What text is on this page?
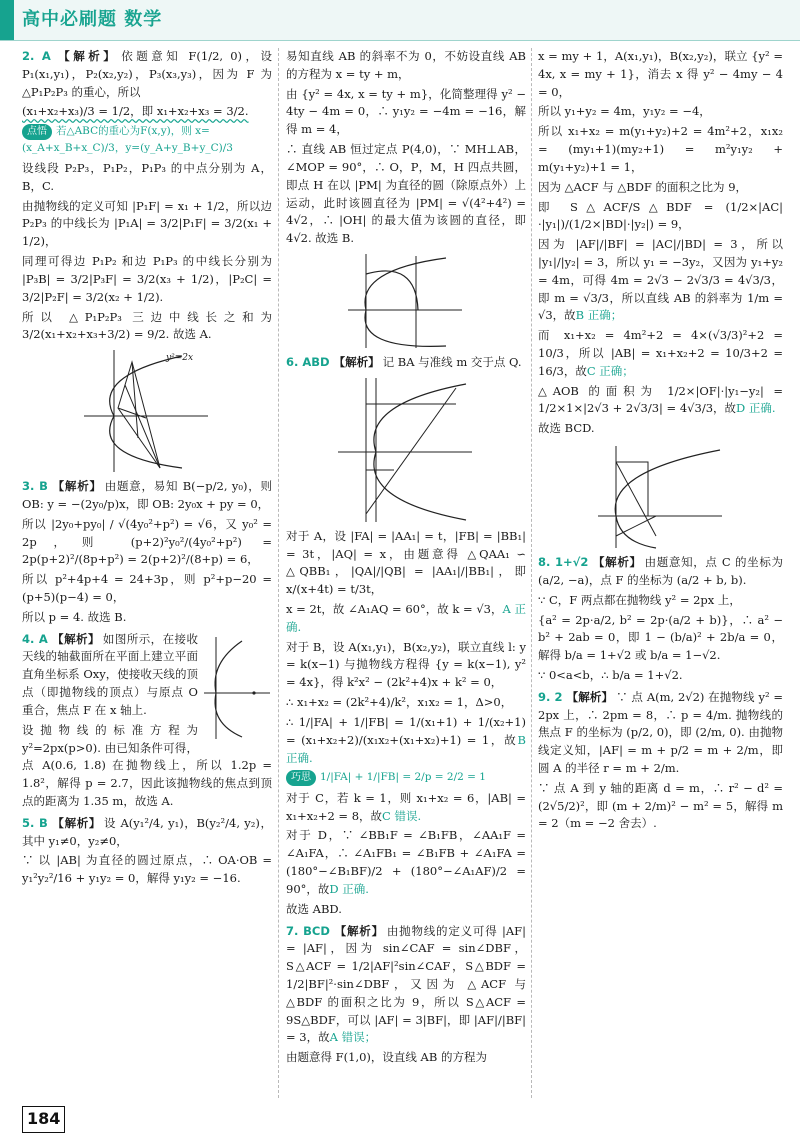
高中必刷题 数学

2. A 【解析】 依题意知 F(1/2, 0)，设 P₁(x₁,y₁)，P₂(x₂,y₂)，P₃(x₃,y₃)，因为 F 为 △P₁P₂P₃ 的重心，所以

(x₁+x₂+x₃)/3 = 1/2，即 x₁+x₂+x₃ = 3/2.

点悟 若△ABC的重心为F(x,y)，则 x=(x_A+x_B+x_C)/3，y=(y_A+y_B+y_C)/3

设线段 P₂P₃，P₁P₂，P₁P₃ 的中点分别为 A，B，C.

由抛物线的定义可知 |P₁F| = x₁ + 1/2，所以边 P₂P₃ 的中线长为 |P₁A| = 3/2|P₁F| = 3/2(x₁ + 1/2)，

同理可得边 P₁P₂ 和边 P₁P₃ 的中线长分别为 |P₃B| = 3/2|P₃F| = 3/2(x₃ + 1/2)，|P₂C| = 3/2|P₂F| = 3/2(x₂ + 1/2).

所以 △P₁P₂P₃ 三边中线长之和为 3/2(x₁+x₂+x₃+3/2) = 9/2. 故选 A.

y²=2x

3. B 【解析】 由题意，易知 B(−p/2, y₀)，则 OB: y = −(2y₀/p)x，即 OB: 2y₀x + py = 0，

所以 |2y₀+py₀| / √(4y₀²+p²) = √6，又 y₀² = 2p，则 (p+2)²y₀²/(4y₀²+p²) = 2p(p+2)²/(8p+p²) = 2(p+2)²/(8+p) = 6，

所以 p²+4p+4 = 24+3p，则 p²+p−20 = (p+5)(p−4) = 0，

所以 p = 4. 故选 B.

4. A 【解析】 如图所示，在接收天线的轴截面所在平面上建立平面直角坐标系 Oxy，使接收天线的顶点（即抛物线的顶点）与原点 O 重合，焦点 F 在 x 轴上.

设抛物线的标准方程为 y²=2px(p>0). 由已知条件可得，点 A(0.6, 1.8) 在抛物线上，所以 1.2p = 1.8²，解得 p = 2.7，因此该抛物线的焦点到顶点的距离为 1.35 m，故选 A.

5. B 【解析】 设 A(y₁²/4, y₁)，B(y₂²/4, y₂)，其中 y₁≠0，y₂≠0，

∵ 以 |AB| 为直径的圆过原点，∴ OA·OB = y₁²y₂²/16 + y₁y₂ = 0，解得 y₁y₂ = −16.

易知直线 AB 的斜率不为 0，不妨设直线 AB 的方程为 x = ty + m，

由 {y² = 4x, x = ty + m}，化简整理得 y² − 4ty − 4m = 0，∴ y₁y₂ = −4m = −16，解得 m = 4，

∴ 直线 AB 恒过定点 P(4,0)，∵ MH⊥AB，∠MOP = 90°，∴ O，P，M，H 四点共圆，即点 H 在以 |PM| 为直径的圆（除原点外）上运动，此时该圆直径为 |PM| = √(4²+4²) = 4√2，∴ |OH| 的最大值为该圆的直径，即 4√2. 故选 B.

6. ABD 【解析】 记 BA 与准线 m 交于点 Q.

对于 A，设 |FA| = |AA₁| = t，|FB| = |BB₁| = 3t，|AQ| = x，由题意得 △QAA₁ ∽ △QBB₁，|QA|/|QB| = |AA₁|/|BB₁|，即 x/(x+4t) = t/3t，

x = 2t，故 ∠A₁AQ = 60°，故 k = √3，A 正确.

对于 B，设 A(x₁,y₁)，B(x₂,y₂)，联立直线 l: y = k(x−1) 与抛物线方程得 {y = k(x−1), y² = 4x}，得 k²x² − (2k²+4)x + k² = 0，

∴ x₁+x₂ = (2k²+4)/k²，x₁x₂ = 1，Δ>0，

∴ 1/|FA| + 1/|FB| = 1/(x₁+1) + 1/(x₂+1) = (x₁+x₂+2)/(x₁x₂+(x₁+x₂)+1) = 1，故B 正确.

巧思 1/|FA| + 1/|FB| = 2/p = 2/2 = 1

对于 C，若 k = 1，则 x₁+x₂ = 6，|AB| = x₁+x₂+2 = 8，故C 错误.

对于 D，∵ ∠BB₁F = ∠B₁FB，∠AA₁F = ∠A₁FA，∴ ∠A₁FB₁ = ∠B₁FB + ∠A₁FA = (180°−∠B₁BF)/2 + (180°−∠A₁AF)/2 = 90°，故D 正确.

故选 ABD.

7. BCD 【解析】 由抛物线的定义可得 |AF| = |AF|，因为 sin∠CAF = sin∠DBF，S△ACF = 1/2|AF|²sin∠CAF，S△BDF = 1/2|BF|²·sin∠DBF，又因为 △ACF 与 △BDF 的面积之比为 9，所以 S△ACF = 9S△BDF，可以 |AF| = 3|BF|，即 |AF|/|BF| = 3，故A 错误；

由题意得 F(1,0)，设直线 AB 的方程为

x = my + 1，A(x₁,y₁)，B(x₂,y₂)，联立 {y² = 4x, x = my + 1}，消去 x 得 y² − 4my − 4 = 0，

所以 y₁+y₂ = 4m，y₁y₂ = −4，

所以 x₁+x₂ = m(y₁+y₂)+2 = 4m²+2，x₁x₂ = (my₁+1)(my₂+1) = m²y₁y₂ + m(y₁+y₂)+1 = 1，

因为 △ACF 与 △BDF 的面积之比为 9，

即 S△ACF/S△BDF = (1/2×|AC|·|y₁|)/(1/2×|BD|·|y₂|) = 9，

因为 |AF|/|BF| = |AC|/|BD| = 3，所以 |y₁|/|y₂| = 3，所以 y₁ = −3y₂，又因为 y₁+y₂ = 4m，可得 4m = 2√3 − 2√3/3 = 4√3/3，即 m = √3/3，所以直线 AB 的斜率为 1/m = √3，故B 正确；

而 x₁+x₂ = 4m²+2 = 4×(√3/3)²+2 = 10/3，所以 |AB| = x₁+x₂+2 = 10/3+2 = 16/3，故C 正确；

△AOB 的面积为 1/2×|OF|·|y₁−y₂| = 1/2×1×|2√3 + 2√3/3| = 4√3/3，故D 正确.

故选 BCD.

8. 1+√2 【解析】 由题意知，点 C 的坐标为 (a/2, −a)，点 F 的坐标为 (a/2 + b, b).

∵ C，F 两点都在抛物线 y² = 2px 上，

{a² = 2p·a/2, b² = 2p·(a/2 + b)}，∴ a² − b² + 2ab = 0，即 1 − (b/a)² + 2b/a = 0，解得 b/a = 1+√2 或 b/a = 1−√2.

∵ 0<a<b，∴ b/a = 1+√2.

9. 2 【解析】 ∵ 点 A(m, 2√2) 在抛物线 y² = 2px 上，∴ 2pm = 8，∴ p = 4/m. 抛物线的焦点 F 的坐标为 (p/2, 0)，即 (2/m, 0). 由抛物线定义知，|AF| = m + p/2 = m + 2/m，即圆 A 的半径 r = m + 2/m.

∵ 点 A 到 y 轴的距离 d = m，∴ r² − d² = (2√5/2)²，即 (m + 2/m)² − m² = 5，解得 m = 2（m = −2 舍去）.

184
